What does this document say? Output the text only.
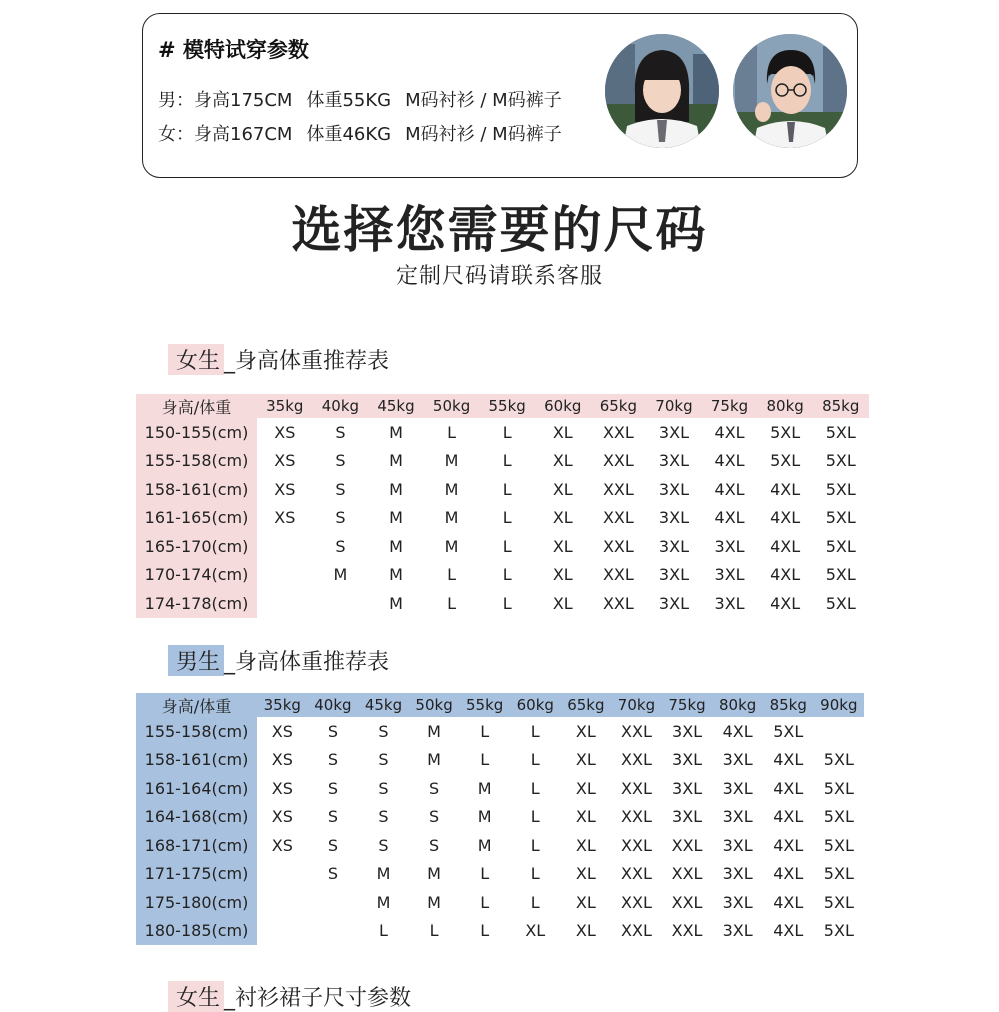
# 模特试穿参数
男：身高175CM 体重55KG M码衬衫 / M码裤子
女：身高167CM 体重46KG M码衬衫 / M码裤子
选择您需要的尺码
定制尺码请联系客服
女生 _身高体重推荐表
身高/体重	35kg	40kg	45kg	50kg	55kg	60kg	65kg	70kg	75kg	80kg	85kg
150-155(cm)	XS	S	M	L	L	XL	XXL	3XL	4XL	5XL	5XL
155-158(cm)	XS	S	M	M	L	XL	XXL	3XL	4XL	5XL	5XL
158-161(cm)	XS	S	M	M	L	XL	XXL	3XL	4XL	4XL	5XL
161-165(cm)	XS	S	M	M	L	XL	XXL	3XL	4XL	4XL	5XL
165-170(cm)		S	M	M	L	XL	XXL	3XL	3XL	4XL	5XL
170-174(cm)		M	M	L	L	XL	XXL	3XL	3XL	4XL	5XL
174-178(cm)			M	L	L	XL	XXL	3XL	3XL	4XL	5XL
男生 _身高体重推荐表
身高/体重	35kg	40kg	45kg	50kg	55kg	60kg	65kg	70kg	75kg	80kg	85kg	90kg
155-158(cm)	XS	S	S	M	L	L	XL	XXL	3XL	4XL	5XL	
158-161(cm)	XS	S	S	M	L	L	XL	XXL	3XL	3XL	4XL	5XL
161-164(cm)	XS	S	S	S	M	L	XL	XXL	3XL	3XL	4XL	5XL
164-168(cm)	XS	S	S	S	M	L	XL	XXL	3XL	3XL	4XL	5XL
168-171(cm)	XS	S	S	S	M	L	XL	XXL	XXL	3XL	4XL	5XL
171-175(cm)		S	M	M	L	L	XL	XXL	XXL	3XL	4XL	5XL
175-180(cm)			M	M	L	L	XL	XXL	XXL	3XL	4XL	5XL
180-185(cm)			L	L	L	XL	XL	XXL	XXL	3XL	4XL	5XL
女生 _衬衫裙子尺寸参数
